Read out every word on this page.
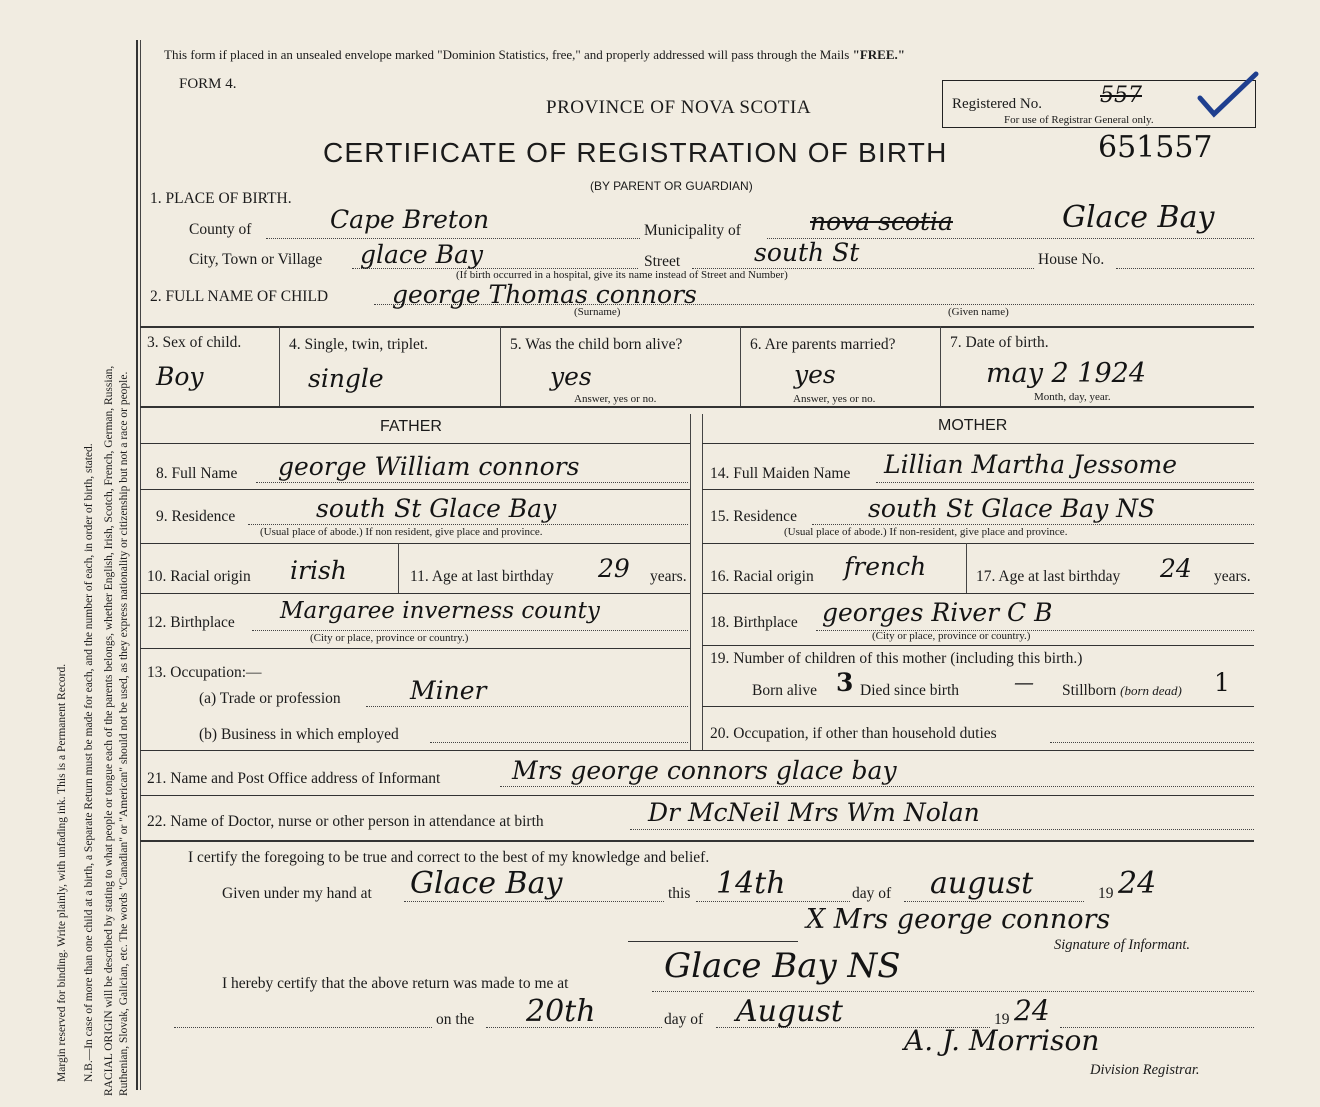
Margin reserved for binding. Write plainly, with unfading ink. This is a Permanent Record. N.B.—In case of more than one child at a birth, a Separate Return must be made for each, and the number of each, in order of birth, stated. RACIAL ORIGIN will be described by stating to what people or tongue each of the parents belongs, whether English, Irish, Scotch, French, German, Russian, Ruthenian, Slovak, Galician, etc. The words "Canadian" or "American" should not be used, as they express nationality or citizenship but not a race or people.
This form if placed in an unsealed envelope marked "Dominion Statistics, free," and properly addressed will pass through the Mails "FREE."
FORM 4.
PROVINCE OF NOVA SCOTIA
CERTIFICATE OF REGISTRATION OF BIRTH
(BY PARENT OR GUARDIAN)
Registered No.	557
For use of Registrar General only.
651557
1. PLACE OF BIRTH.
County of	Cape Breton	Municipality of	nova scotia	Glace Bay
City, Town or Village glace Bay	Street	south St	House No.
(If birth occurred in a hospital, give its name instead of Street and Number)
2. FULL NAME OF CHILD	george Thomas connors
(Surname)	(Given name)
3. Sex of child.
Boy
4. Single, twin, triplet.
single
5. Was the child born alive?
yes
Answer, yes or no.
6. Are parents married?
yes
Answer, yes or no.
7. Date of birth.
may 2 1924
Month, day, year.
FATHER	MOTHER
8. Full Name george William connors	14. Full Maiden Name Lillian Martha Jessome
9. Residence	south St Glace Bay
(Usual place of abode.) If non resident, give place and province.
15. Residence	south St Glace Bay NS
(Usual place of abode.) If non-resident, give place and province.
10. Racial origin irish	11. Age at last birthday 29 years. 16. Racial origin french	17. Age at last birthday 24 years.
12. Birthplace Margaree inverness county
(City or place, province or country.)
18. Birthplace georges River C B
(City or place, province or country.)
13. Occupation:—
(a) Trade or profession	Miner
(b) Business in which employed
19. Number of children of this mother (including this birth.)
Born alive 3 Died since birth	— Stillborn (born dead) 1
20. Occupation, if other than household duties
21. Name and Post Office address of Informant	Mrs george connors glace bay
22. Name of Doctor, nurse or other person in attendance at birth	Dr McNeil Mrs Wm Nolan
I certify the foregoing to be true and correct to the best of my knowledge and belief.
Given under my hand at Glace Bay	this 14th	day of august	19 24
X Mrs george connors
Signature of Informant.
I hereby certify that the above return was made to me at	Glace Bay NS
on the 20th	day of August	19 24
A. J. Morrison
Division Registrar.
